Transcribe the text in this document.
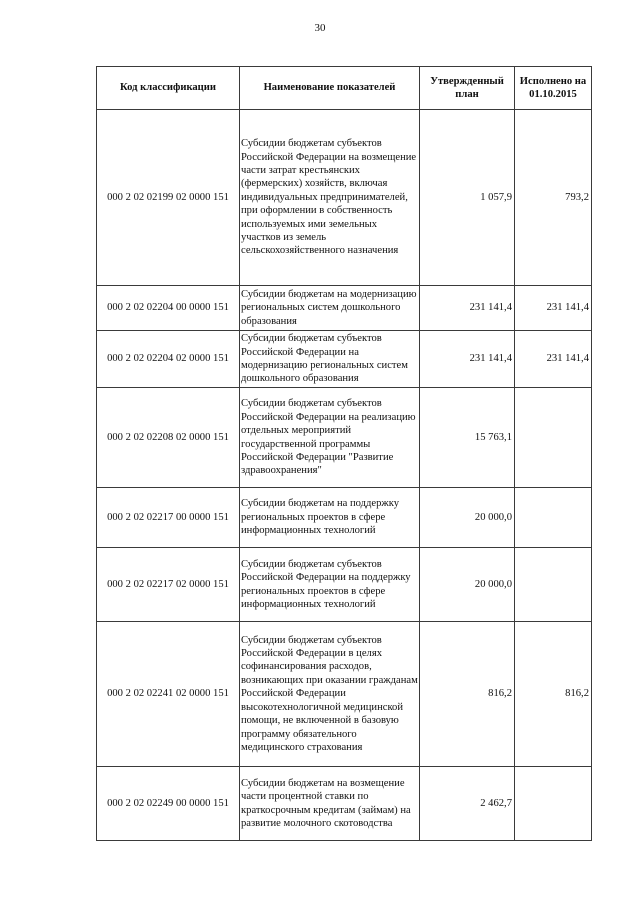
30
Код классификации	Наименование показателей	Утвержденный план	Исполнено на 01.10.2015
000 2 02 02199 02 0000 151	Субсидии бюджетам субъектов Российской Федерации на возмещение части затрат крестьянских (фермерских) хозяйств, включая индивидуальных предпринимателей, при оформлении в собственность используемых ими земельных участков из земель сельскохозяйственного назначения	1 057,9	793,2
000 2 02 02204 00 0000 151	Субсидии бюджетам на модернизацию региональных систем дошкольного образования	231 141,4	231 141,4
000 2 02 02204 02 0000 151	Субсидии бюджетам субъектов Российской Федерации на модернизацию региональных систем дошкольного образования	231 141,4	231 141,4
000 2 02 02208 02 0000 151	Субсидии бюджетам субъектов Российской Федерации на реализацию отдельных мероприятий государственной программы Российской Федерации "Развитие здравоохранения"	15 763,1	
000 2 02 02217 00 0000 151	Субсидии бюджетам на поддержку региональных проектов в сфере информационных технологий	20 000,0	
000 2 02 02217 02 0000 151	Субсидии бюджетам субъектов Российской Федерации на поддержку региональных проектов в сфере информационных технологий	20 000,0	
000 2 02 02241 02 0000 151	Субсидии бюджетам субъектов Российской Федерации в целях софинансирования расходов, возникающих при оказании гражданам Российской Федерации высокотехнологичной медицинской помощи, не включенной в базовую программу обязательного медицинского страхования	816,2	816,2
000 2 02 02249 00 0000 151	Субсидии бюджетам на возмещение части процентной ставки по краткосрочным кредитам (займам) на развитие молочного скотоводства	2 462,7	
